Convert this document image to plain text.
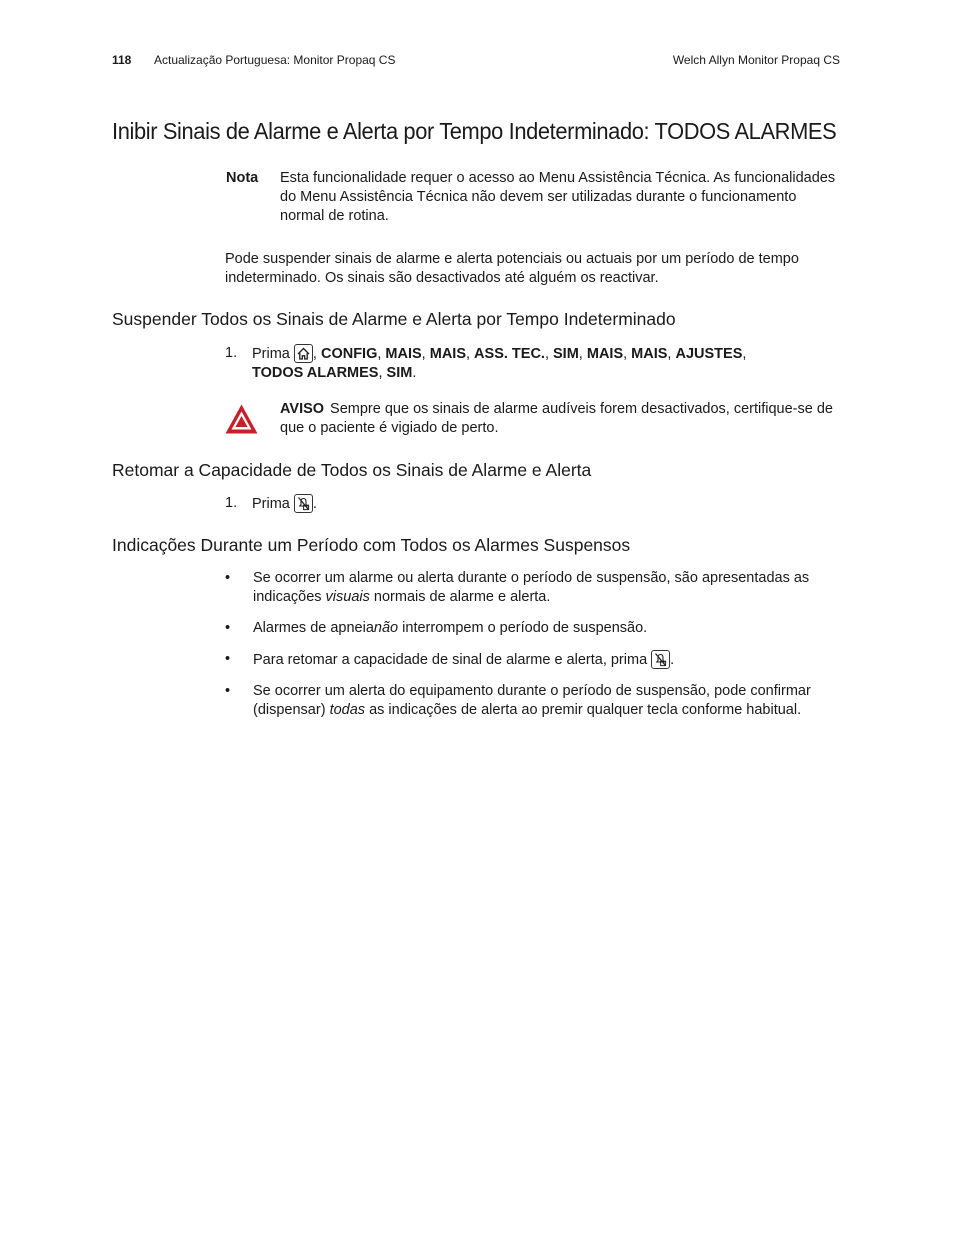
118 Actualização Portuguesa: Monitor Propaq CS	Welch Allyn Monitor Propaq CS
Inibir Sinais de Alarme e Alerta por Tempo Indeterminado: TODOS ALARMES
Nota Esta funcionalidade requer o acesso ao Menu Assistência Técnica. As funcionalidades do Menu Assistência Técnica não devem ser utilizadas durante o funcionamento normal de rotina.
Pode suspender sinais de alarme e alerta potenciais ou actuais por um período de tempo indeterminado. Os sinais são desactivados até alguém os reactivar.
Suspender Todos os Sinais de Alarme e Alerta por Tempo Indeterminado
1. Prima , CONFIG, MAIS, MAIS, ASS. TEC., SIM, MAIS, MAIS, AJUSTES,
TODOS ALARMES, SIM.
AVISO Sempre que os sinais de alarme audíveis forem desactivados, certifique-se de que o paciente é vigiado de perto.
Retomar a Capacidade de Todos os Sinais de Alarme e Alerta
1. Prima .
Indicações Durante um Período com Todos os Alarmes Suspensos
• Se ocorrer um alarme ou alerta durante o período de suspensão, são apresentadas as indicações visuais normais de alarme e alerta.
• Alarmes de apneianão interrompem o período de suspensão.
• Para retomar a capacidade de sinal de alarme e alerta, prima .
• Se ocorrer um alerta do equipamento durante o período de suspensão, pode confirmar (dispensar) todas as indicações de alerta ao premir qualquer tecla conforme habitual.
